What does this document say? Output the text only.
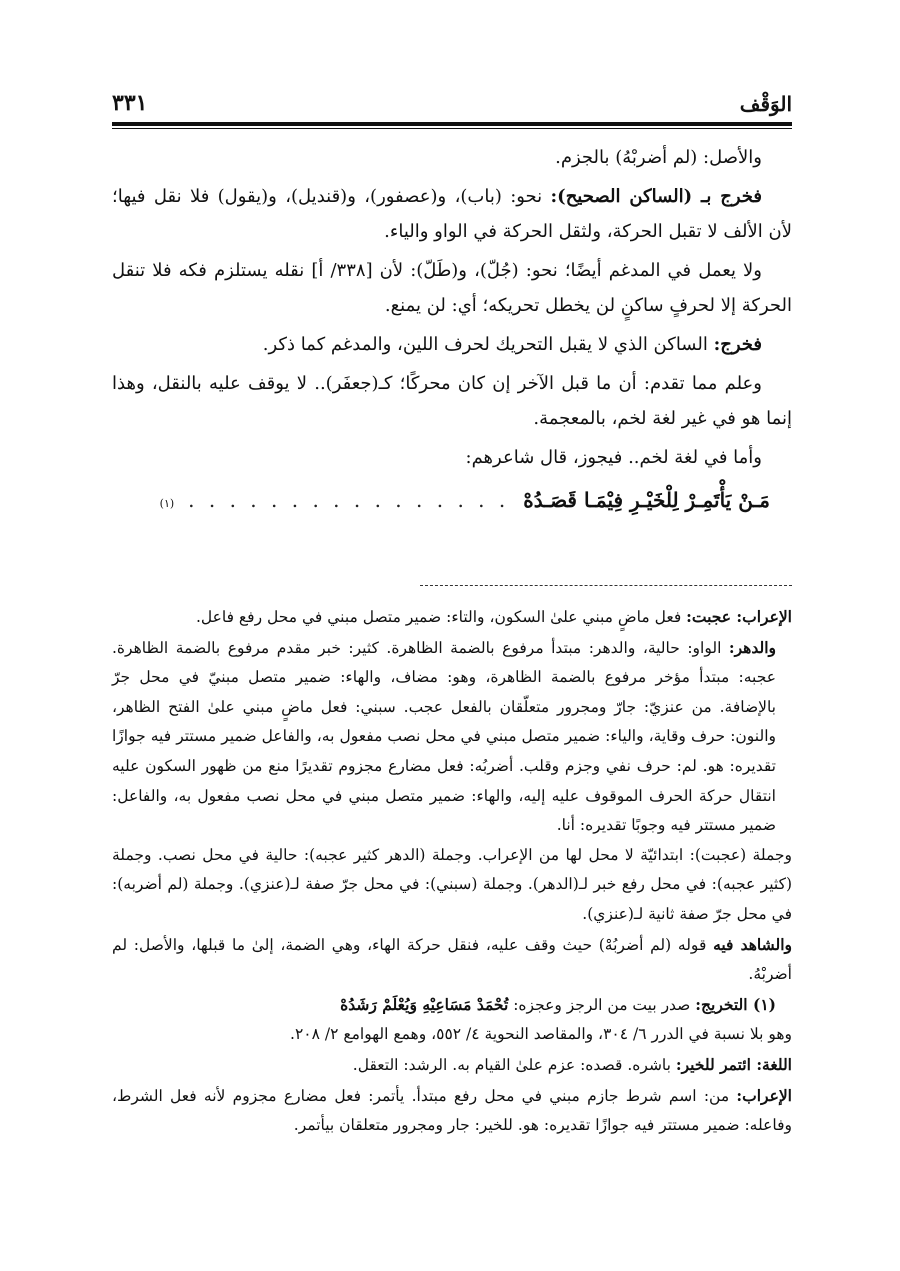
الوَقْف
٣٣١

والأصل: (لم أضربْهُ) بالجزم.

فخرج بـ (الساكن الصحيح): نحو: (باب)، و(عصفور)، و(قنديل)، و(يقول) فلا نقل فيها؛ لأن الألف لا تقبل الحركة، ولثقل الحركة في الواو والياء.

ولا يعمل في المدغم أيضًا؛ نحو: (جُلّ)، و(طَلّ): لأن [٣٣٨/ أ] نقله يستلزم فكه فلا تنقل الحركة إلا لحرفٍ ساكنٍ لن يخطل تحريكه؛ أي: لن يمنع.

فخرج: الساكن الذي لا يقبل التحريك لحرف اللين، والمدغم كما ذكر.

وعلم مما تقدم: أن ما قبل الآخر إن كان محركًا؛ كـ(جعفَر).. لا يوقف عليه بالنقل، وهذا إنما هو في غير لغة لخم، بالمعجمة.

وأما في لغة لخم.. فيجوز، قال شاعرهم:

مَـنْ يَأْتَمِـرْ لِلْخَيْـرِ فِيْمَـا قَصَـدُهْ
. . . . . . . . . . . . . . . .
(١)

الإعراب: عجبت: فعل ماضٍ مبني علىٰ السكون، والتاء: ضمير متصل مبني في محل رفع فاعل.

والدهر: الواو: حالية، والدهر: مبتدأ مرفوع بالضمة الظاهرة. كثير: خبر مقدم مرفوع بالضمة الظاهرة. عجبه: مبتدأ مؤخر مرفوع بالضمة الظاهرة، وهو: مضاف، والهاء: ضمير متصل مبنيّ في محل جرّ بالإضافة. من عنزيّ: جارّ ومجرور متعلّقان بالفعل عجب. سبني: فعل ماضٍ مبني علىٰ الفتح الظاهر، والنون: حرف وقاية، والياء: ضمير متصل مبني في محل نصب مفعول به، والفاعل ضمير مستتر فيه جوازًا تقديره: هو. لم: حرف نفي وجزم وقلب. أضربُه: فعل مضارع مجزوم تقديرًا منع من ظهور السكون عليه انتقال حركة الحرف الموقوف عليه إليه، والهاء: ضمير متصل مبني في محل نصب مفعول به، والفاعل: ضمير مستتر فيه وجوبًا تقديره: أنا.

وجملة (عجبت): ابتدائيّة لا محل لها من الإعراب. وجملة (الدهر كثير عجبه): حالية في محل نصب. وجملة (كثير عجبه): في محل رفع خبر لـ(الدهر). وجملة (سبني): في محل جرّ صفة لـ(عنزي). وجملة (لم أضربه): في محل جرّ صفة ثانية لـ(عنزي).

والشاهد فيه قوله (لم أضربُهْ) حيث وقف عليه، فنقل حركة الهاء، وهي الضمة، إلىٰ ما قبلها، والأصل: لم أضربْهُ.

(١) التخريج: صدر بيت من الرجز وعجزه: تُحْمَدْ مَسَاعِيْهِ وَيُعْلَمْ رَشَدُهْ

وهو بلا نسبة في الدرر ٦/ ٣٠٤، والمقاصد النحوية ٤/ ٥٥٢، وهمع الهوامع ٢/ ٢٠٨.

اللغة: ائتمر للخير: باشره. قصده: عزم علىٰ القيام به. الرشد: التعقل.

الإعراب: من: اسم شرط جازم مبني في محل رفع مبتدأ. يأتمر: فعل مضارع مجزوم لأنه فعل الشرط، وفاعله: ضمير مستتر فيه جوازًا تقديره: هو. للخير: جار ومجرور متعلقان بيأتمر.
